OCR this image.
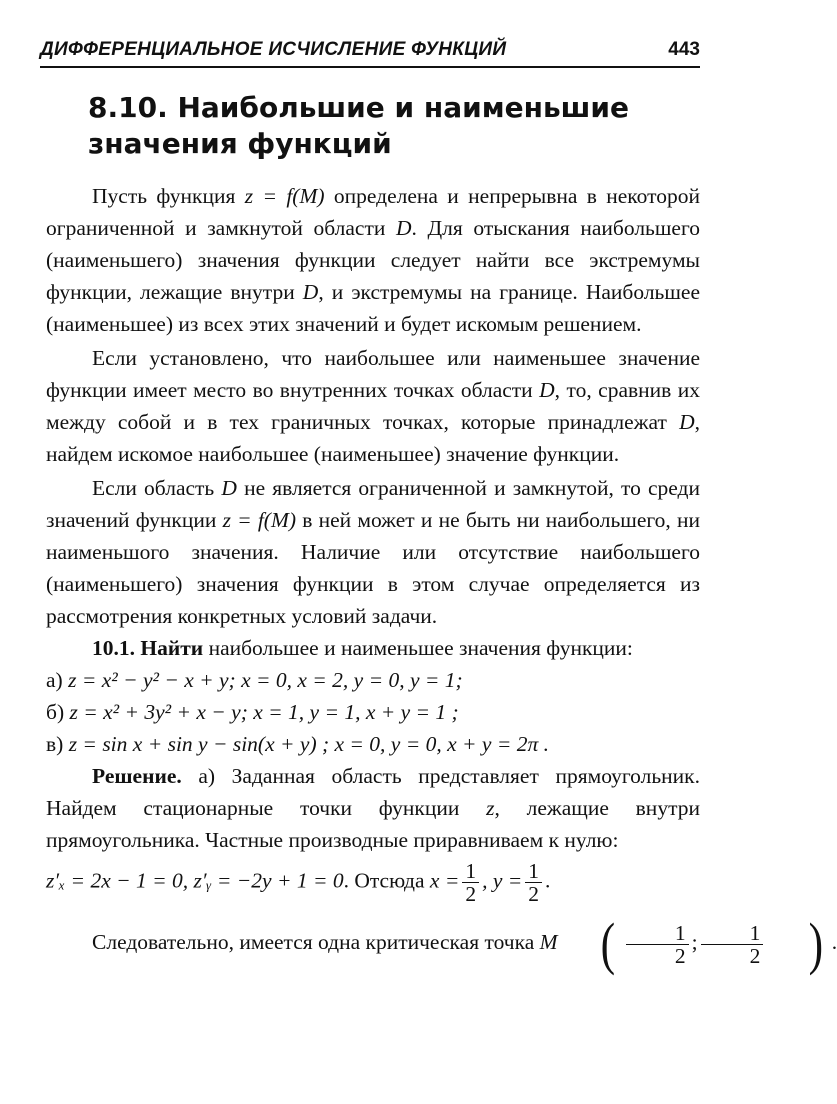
ДИФФЕРЕНЦИАЛЬНОЕ ИСЧИСЛЕНИЕ ФУНКЦИЙ	443
8.10. Наибольшие и наименьшие
значения функций

Пусть функция z = f(M) определена и непрерывна в некоторой ограниченной и замкнутой области D. Для отыскания наибольшего (наименьшего) значения функции следует найти все экстремумы функции, лежащие внутри D, и экстремумы на границе. Наибольшее (наименьшее) из всех этих значений и будет искомым решением.

Если установлено, что наибольшее или наименьшее значение функции имеет место во внутренних точках области D, то, сравнив их между собой и в тех граничных точках, которые принадлежат D, найдем искомое наибольшее (наименьшее) значение функции.

Если область D не является ограниченной и замкнутой, то среди значений функции z = f(M) в ней может и не быть ни наибольшего, ни наименьшого значения. Наличие или отсутствие наибольшего (наименьшего) значения функции в этом случае определяется из рассмотрения конкретных условий задачи.

10.1. Найти наибольшее и наименьшее значения функции:

а) z = x² − y² − x + y; x = 0, x = 2, y = 0, y = 1;

б) z = x² + 3y² + x − y; x = 1, y = 1, x + y = 1 ;

в) z = sin x + sin y − sin(x + y) ; x = 0, y = 0, x + y = 2π .

Решение. а) Заданная область представляет прямоугольник. Найдем стационарные точки функции z, лежащие внутри прямоугольника. Частные производные приравниваем к нулю:

z′ₓ = 2x − 1 = 0, z′ᵧ = −2y + 1 = 0. Отсюда $x = \frac{1}{2}$ , $y = \frac{1}{2}$ .

Следовательно, имеется одна критическая точка M ( $\frac{1}{2}$ ; $\frac{1}{2}$ ) .
